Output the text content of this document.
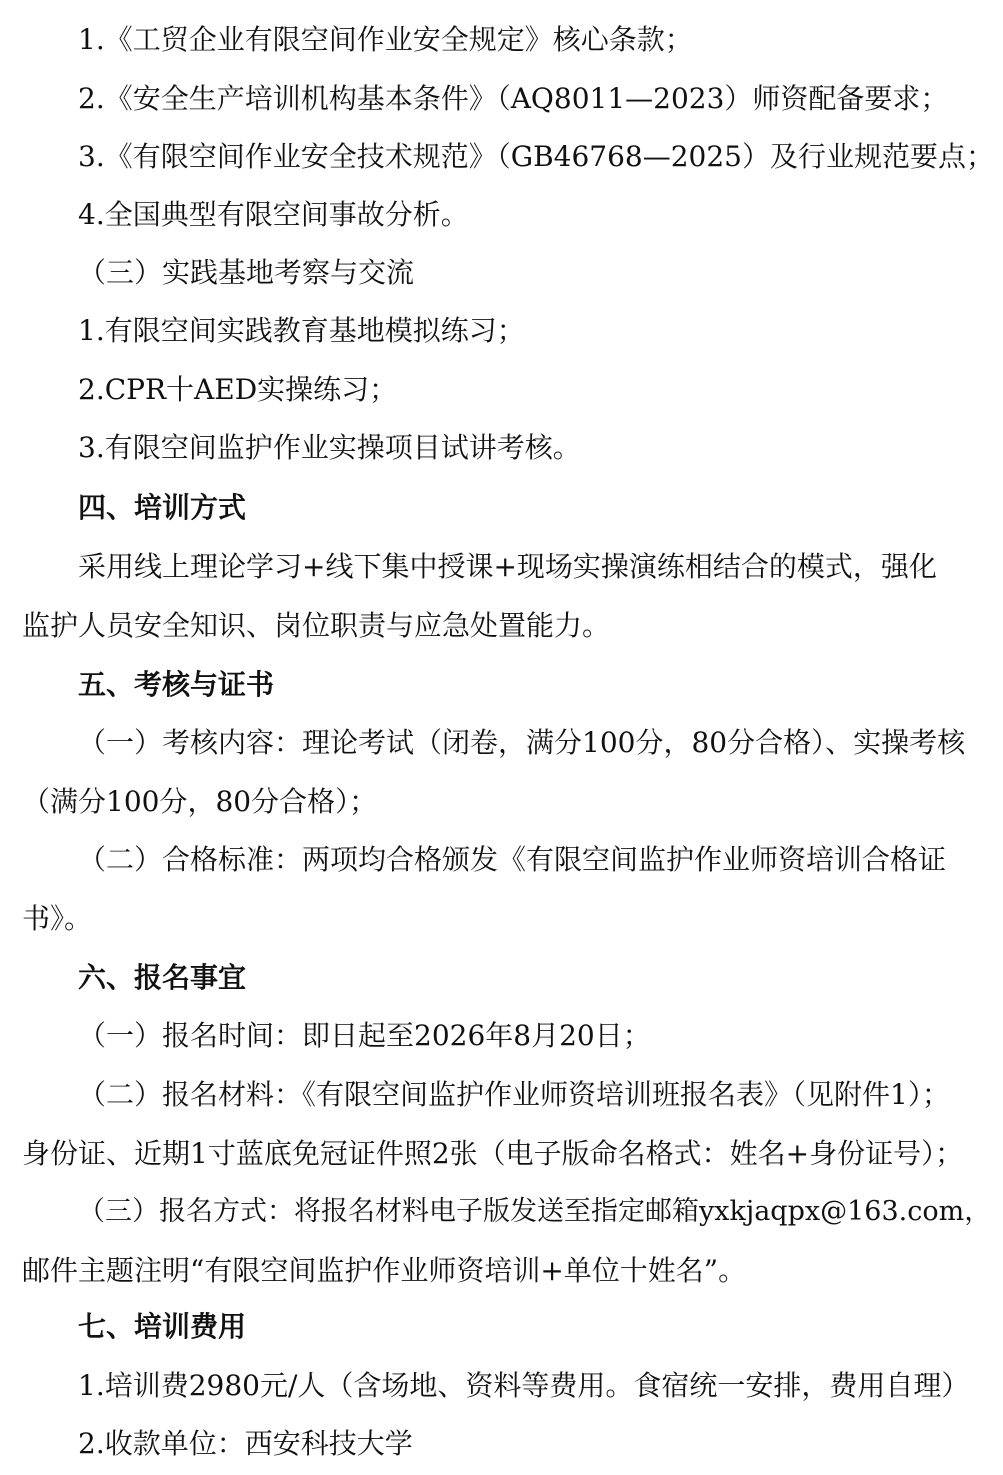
1.《工贸企业有限空间作业安全规定》核心条款；
2.《安全生产培训机构基本条件》（AQ8011—2023）师资配备要求；
3.《有限空间作业安全技术规范》（GB46768—2025）及行业规范要点；
4.全国典型有限空间事故分析。
（三）实践基地考察与交流
1.有限空间实践教育基地模拟练习；
2.CPR十AED实操练习；
3.有限空间监护作业实操项目试讲考核。
四、培训方式
采用线上理论学习+线下集中授课+现场实操演练相结合的模式，强化
监护人员安全知识、岗位职责与应急处置能力。
五、考核与证书
（一）考核内容：理论考试（闭卷，满分100分，80分合格）、实操考核
（满分100分，80分合格）；
（二）合格标准：两项均合格颁发《有限空间监护作业师资培训合格证
书》。
六、报名事宜
（一）报名时间：即日起至2026年8月20日；
（二）报名材料：《有限空间监护作业师资培训班报名表》（见附件1）；
身份证、近期1寸蓝底免冠证件照2张（电子版命名格式：姓名+身份证号）；
（三）报名方式：将报名材料电子版发送至指定邮箱yxkjaqpx@163.com，
邮件主题注明“有限空间监护作业师资培训+单位十姓名”。
七、培训费用
1.培训费2980元/人（含场地、资料等费用。食宿统一安排，费用自理）
2.收款单位：西安科技大学
